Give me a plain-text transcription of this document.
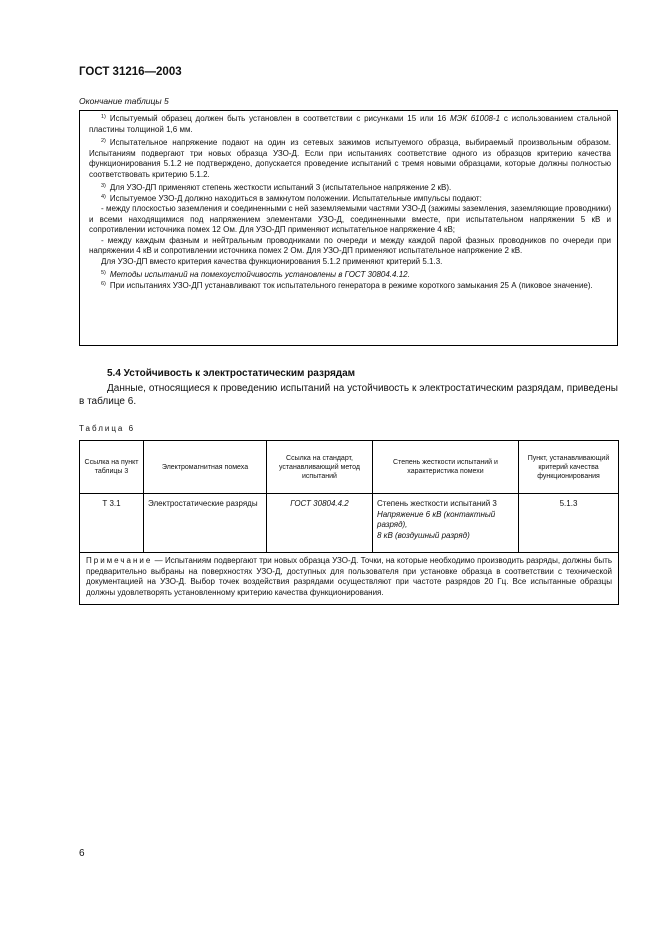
ГОСТ 31216—2003
Окончание таблицы 5

$^{1)}$ Испытуемый образец должен быть установлен в соответствии с рисунками 15 или 16 МЭК 61008-1 с использованием стальной пластины толщиной 1,6 мм.

$^{2)}$ Испытательное напряжение подают на один из сетевых зажимов испытуемого образца, выбираемый произвольным образом. Испытаниям подвергают три новых образца УЗО-Д. Если при испытаниях соответствие одного из образцов критерию качества функционирования 5.1.2 не подтверждено, допускается проведение испытаний с тремя новыми образцами, которые должны полностью соответствовать критерию 5.1.2.

$^{3)}$ Для УЗО-ДП применяют степень жесткости испытаний 3 (испытательное напряжение 2 кВ).

$^{4)}$ Испытуемое УЗО-Д должно находиться в замкнутом положении. Испытательные импульсы подают:

- между плоскостью заземления и соединенными с ней заземляемыми частями УЗО-Д (зажимы заземления, заземляющие проводники) и всеми находящимися под напряжением элементами УЗО-Д, соединенными вместе, при испытательном напряжении 5 кВ и сопротивлении источника помех 12 Ом. Для УЗО-ДП применяют испытательное напряжение 4 кВ;

- между каждым фазным и нейтральным проводниками по очереди и между каждой парой фазных проводников по очереди при напряжении 4 кВ и сопротивлении источника помех 2 Ом. Для УЗО-ДП применяют испытательное напряжение 2 кВ.

Для УЗО-ДП вместо критерия качества функционирования 5.1.2 применяют критерий 5.1.3.

$^{5)}$ Методы испытаний на помехоустойчивость установлены в ГОСТ 30804.4.12.

$^{6)}$ При испытаниях УЗО-ДП устанавливают ток испытательного генератора в режиме короткого замыкания 25 А (пиковое значение).

5.4 Устойчивость к электростатическим разрядам
Данные, относящиеся к проведению испытаний на устойчивость к электростатическим разрядам, приведены в таблице 6.
Таблица 6
Ссылка на пункт таблицы 3	Электромагнитная помеха	Ссылка на стандарт, устанавливающий метод испытаний	Степень жесткости испытаний и характеристика помехи	Пункт, устанавливающий критерий качества функционирования
Т 3.1	Электростатические разряды	ГОСТ 30804.4.2	Степень жесткости испытаний 3
Напряжение 6 кВ (контактный разряд),
8 кВ (воздушный разряд)	5.1.3
Примечание — Испытаниям подвергают три новых образца УЗО-Д. Точки, на которые необходимо производить разряды, должны быть предварительно выбраны на поверхностях УЗО-Д, доступных для пользователя при установке образца в соответствии с технической документацией на УЗО-Д. Выбор точек воздействия разрядами осуществляют при частоте разрядов 20 Гц. Все испытанные образцы должны удовлетворять установленному критерию качества функционирования.				
6
